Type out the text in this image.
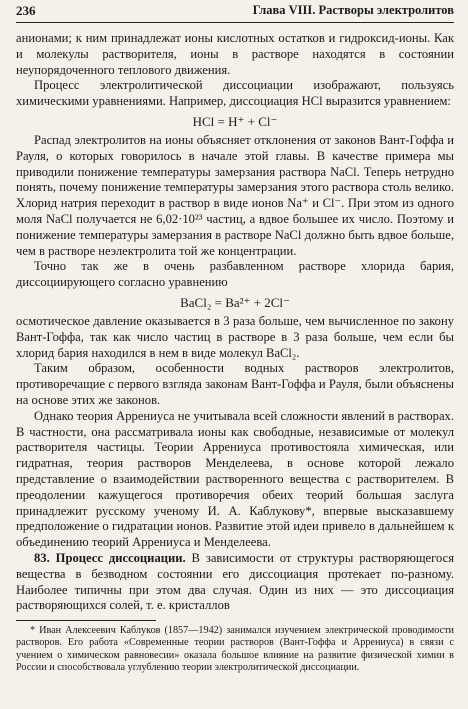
236	Глава VIII. Растворы электролитов

анионами; к ним принадлежат ионы кислотных остатков и гидроксид-ионы. Как и молекулы растворителя, ионы в растворе находятся в состоянии неупорядоченного теплового движения.

Процесс электролитической диссоциации изображают, пользуясь химическими уравнениями. Например, диссоциация HCl выразится уравнением:

HCl = H⁺ + Cl⁻

Распад электролитов на ионы объясняет отклонения от законов Вант-Гоффа и Рауля, о которых говорилось в начале этой главы. В качестве примера мы приводили понижение температуры замерзания раствора NaCl. Теперь нетрудно понять, почему понижение температуры замерзания этого раствора столь велико. Хлорид натрия переходит в раствор в виде ионов Na⁺ и Cl⁻. При этом из одного моля NaCl получается не 6,02·10²³ частиц, а вдвое большее их число. Поэтому и понижение температуры замерзания в растворе NaCl должно быть вдвое больше, чем в растворе неэлектролита той же концентрации.

Точно так же в очень разбавленном растворе хлорида бария, диссоциирующего согласно уравнению

BaCl₂ = Ba²⁺ + 2Cl⁻

осмотическое давление оказывается в 3 раза больше, чем вычисленное по закону Вант-Гоффа, так как число частиц в растворе в 3 раза больше, чем если бы хлорид бария находился в нем в виде молекул BaCl₂.

Таким образом, особенности водных растворов электролитов, противоречащие с первого взгляда законам Вант-Гоффа и Рауля, были объяснены на основе этих же законов.

Однако теория Аррениуса не учитывала всей сложности явлений в растворах. В частности, она рассматривала ионы как свободные, независимые от молекул растворителя частицы. Теории Аррениуса противостояла химическая, или гидратная, теория растворов Менделеева, в основе которой лежало представление о взаимодействии растворенного вещества с растворителем. В преодолении кажущегося противоречия обеих теорий большая заслуга принадлежит русскому ученому И. А. Каблукову*, впервые высказавшему предположение о гидратации ионов. Развитие этой идеи привело в дальнейшем к объединению теорий Аррениуса и Менделеева.

83. Процесс диссоциации. В зависимости от структуры растворяющегося вещества в безводном состоянии его диссоциация протекает по-разному. Наиболее типичны при этом два случая. Один из них — это диссоциация растворяющихся солей, т. е. кристаллов

* Иван Алексеевич Каблуков (1857—1942) занимался изучением электрической проводимости растворов. Его работа «Современные теории растворов (Вант-Гоффа и Аррениуса) в связи с учением о химическом равновесии» оказала большое влияние на развитие физической химии в России и способствовала углублению теории электролитической диссоциации.
